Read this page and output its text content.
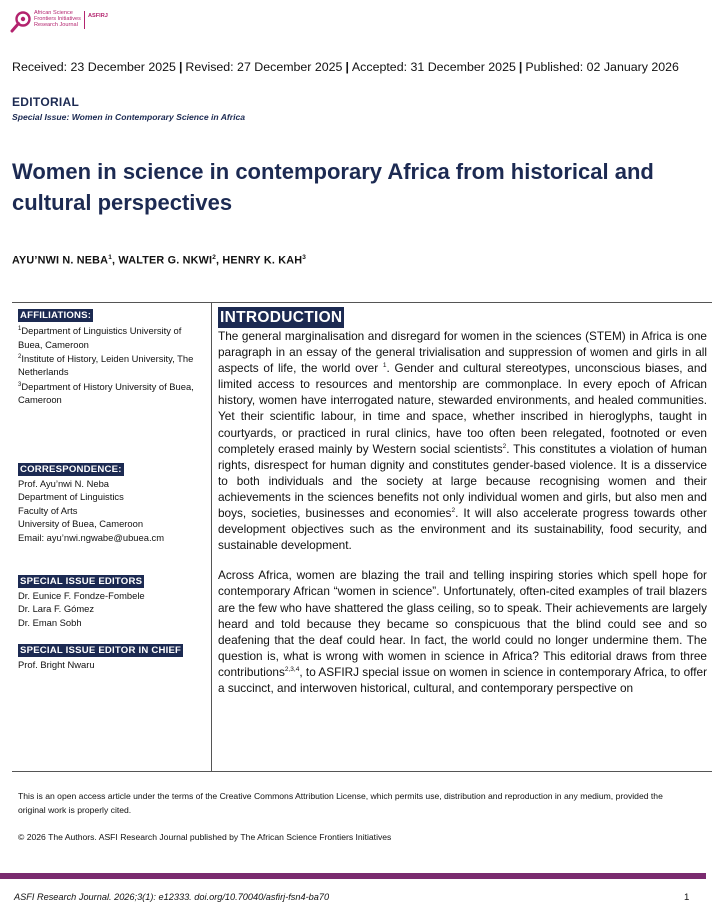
African Science
Frontiers Initiatives
Research Journal
ASFIRJ
Received: 23 December 2025 | Revised: 27 December 2025 | Accepted: 31 December 2025 | Published: 02 January 2026
EDITORIAL
Special Issue: Women in Contemporary Science in Africa
Women in science in contemporary Africa from historical and cultural perspectives
AYU’NWI N. NEBA$^1$, WALTER G. NKWI$^2$, HENRY K. KAH$^3$
AFFILIATIONS:
$^1$Department of Linguistics University of Buea, Cameroon
$^2$Institute of History, Leiden University, The Netherlands
$^3$Department of History University of Buea, Cameroon
CORRESPONDENCE:
Prof. Ayu’nwi N. Neba
Department of Linguistics
Faculty of Arts
University of Buea, Cameroon
Email: ayu’nwi.ngwabe@ubuea.cm
SPECIAL ISSUE EDITORS
Dr. Eunice F. Fondze-Fombele
Dr. Lara F. Gómez
Dr. Eman Sobh
SPECIAL ISSUE EDITOR IN CHIEF
Prof. Bright Nwaru
INTRODUCTION

The general marginalisation and disregard for women in the sciences (STEM) in Africa is one paragraph in an essay of the general trivialisation and suppression of women and girls in all aspects of life, the world over $^1$. Gender and cultural stereotypes, unconscious biases, and limited access to resources and mentorship are commonplace. In every epoch of African history, women have interrogated nature, stewarded environments, and healed communities. Yet their scientific labour, in time and space, whether inscribed in hieroglyphs, taught in courtyards, or practiced in rural clinics, have too often been relegated, footnoted or even completely erased mainly by Western social scientists$^2$. This constitutes a violation of human rights, disrespect for human dignity and constitutes gender-based violence. It is a disservice to both individuals and the society at large because recognising women and their achievements in the sciences benefits not only individual women and girls, but also men and boys, societies, businesses and economies$^2$. It will also accelerate progress towards other development objectives such as the environment and its sustainability, food security, and sustainable development.

Across Africa, women are blazing the trail and telling inspiring stories which spell hope for contemporary African “women in science”. Unfortunately, often-cited examples of trail blazers are the few who have shattered the glass ceiling, so to speak. Their achievements are largely heard and told because they became so conspicuous that the blind could see and so deafening that the deaf could hear. In fact, the world could no longer undermine them. The question is, what is wrong with women in science in Africa? This editorial draws from three contributions$^{2,3,4}$, to ASFIRJ special issue on women in science in contemporary Africa, to offer a succinct, and interwoven historical, cultural, and contemporary perspective on

This is an open access article under the terms of the Creative Commons Attribution License, which permits use, distribution and reproduction in any medium, provided the original work is properly cited.
© 2026 The Authors. ASFI Research Journal published by The African Science Frontiers Initiatives
ASFI Research Journal. 2026;3(1): e12333. doi.org/10.70040/asfirj-fsn4-ba70	1
